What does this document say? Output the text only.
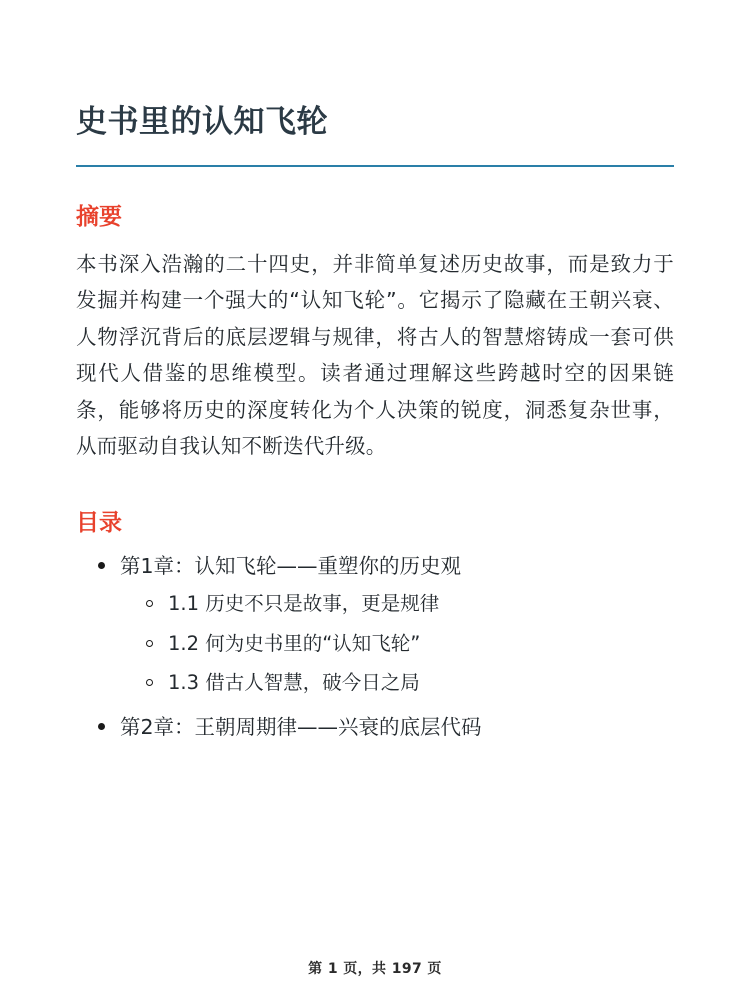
史书里的认知飞轮
摘要

本书深入浩瀚的二十四史，并非简单复述历史故事，而是致力于发掘并构建一个强大的“认知飞轮”。它揭示了隐藏在王朝兴衰、人物浮沉背后的底层逻辑与规律，将古人的智慧熔铸成一套可供现代人借鉴的思维模型。读者通过理解这些跨越时空的因果链条，能够将历史的深度转化为个人决策的锐度，洞悉复杂世事，从而驱动自我认知不断迭代升级。

目录
第1章：认知飞轮——重塑你的历史观
1.1 历史不只是故事，更是规律
1.2 何为史书里的“认知飞轮”
1.3 借古人智慧，破今日之局
第2章：王朝周期律——兴衰的底层代码
第 1 页，共 197 页
